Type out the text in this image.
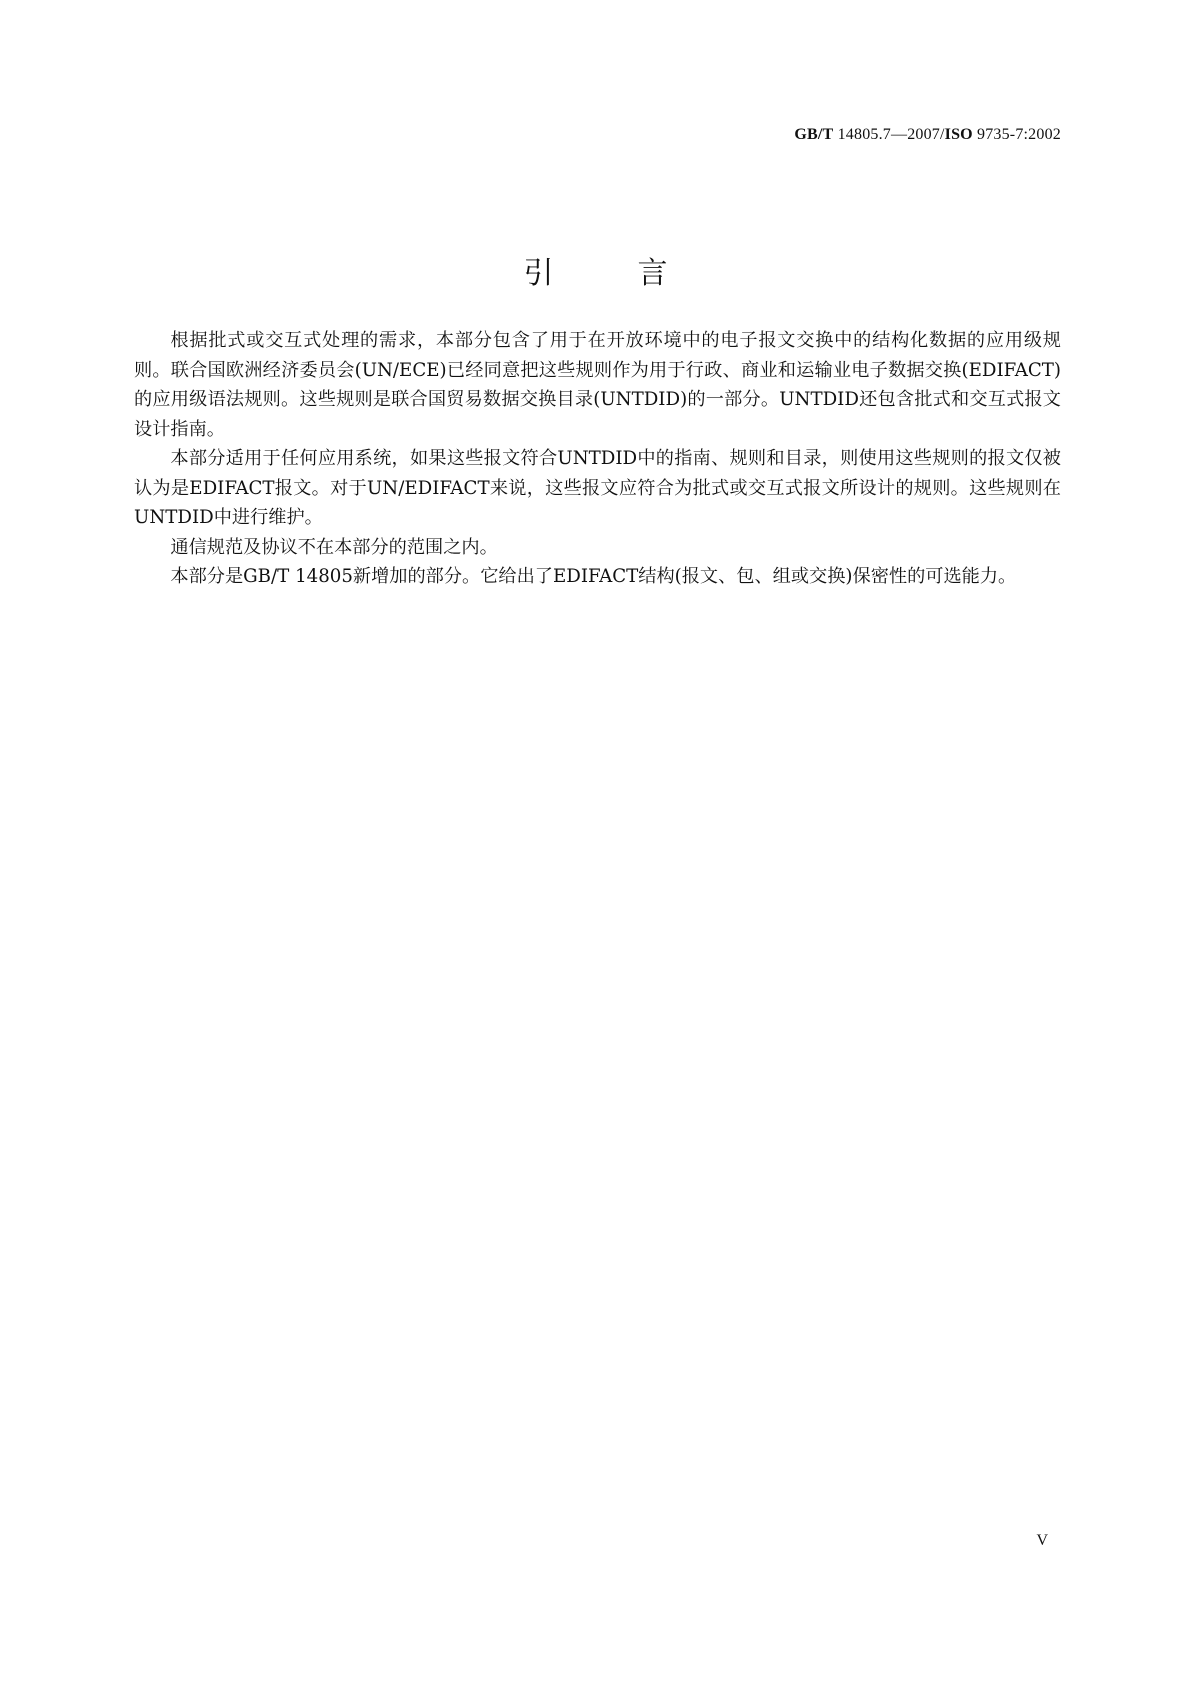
GB/T 14805.7—2007/ISO 9735-7:2002
引言

根据批式或交互式处理的需求，本部分包含了用于在开放环境中的电子报文交换中的结构化数据的应用级规则。联合国欧洲经济委员会(UN/ECE)已经同意把这些规则作为用于行政、商业和运输业电子数据交换(EDIFACT)的应用级语法规则。这些规则是联合国贸易数据交换目录(UNTDID)的一部分。UNTDID还包含批式和交互式报文设计指南。

本部分适用于任何应用系统，如果这些报文符合UNTDID中的指南、规则和目录，则使用这些规则的报文仅被认为是EDIFACT报文。对于UN/EDIFACT来说，这些报文应符合为批式或交互式报文所设计的规则。这些规则在UNTDID中进行维护。

通信规范及协议不在本部分的范围之内。

本部分是GB/T 14805新增加的部分。它给出了EDIFACT结构(报文、包、组或交换)保密性的可选能力。

V
